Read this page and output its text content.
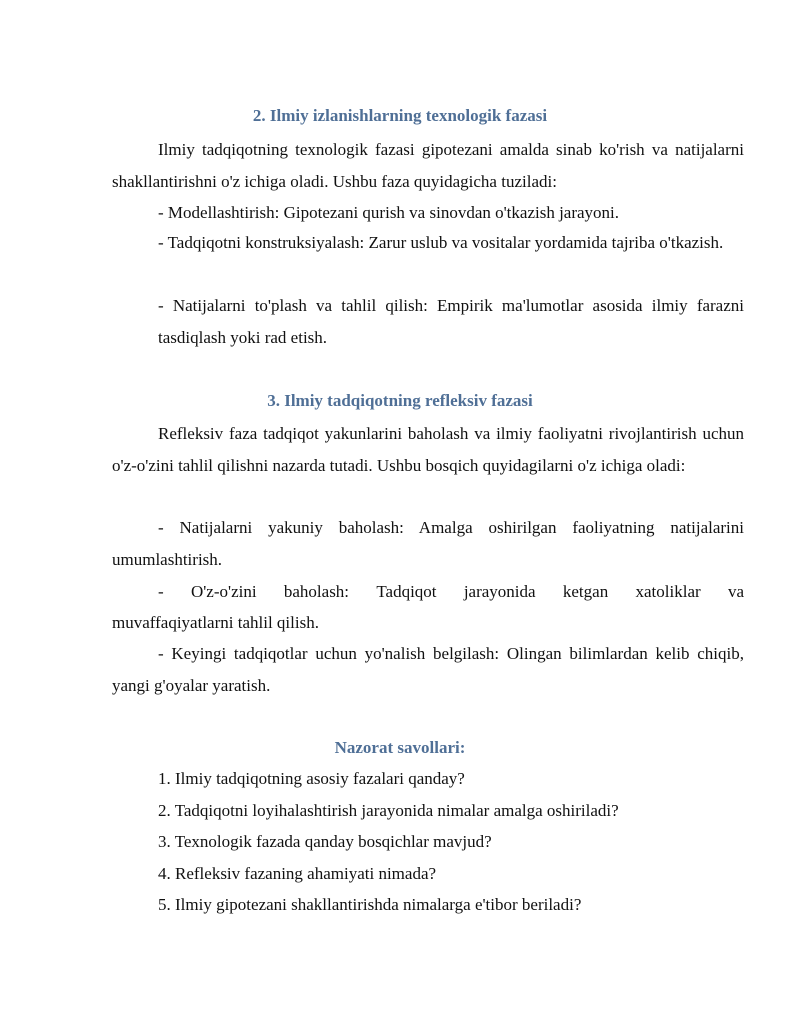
2. Ilmiy izlanishlarning texnologik fazasi

Ilmiy tadqiqotning texnologik fazasi gipotezani amalda sinab ko'rish va natijalarni shakllantirishni o'z ichiga oladi. Ushbu faza quyidagicha tuziladi:

- Modellashtirish: Gipotezani qurish va sinovdan o'tkazish jarayoni.

- Tadqiqotni konstruksiyalash: Zarur uslub va vositalar yordamida tajriba o'tkazish.

- Natijalarni to'plash va tahlil qilish: Empirik ma'lumotlar asosida ilmiy farazni tasdiqlash yoki rad etish.

3. Ilmiy tadqiqotning refleksiv fazasi

Refleksiv faza tadqiqot yakunlarini baholash va ilmiy faoliyatni rivojlantirish uchun o'z-o'zini tahlil qilishni nazarda tutadi. Ushbu bosqich quyidagilarni o'z ichiga oladi:

- Natijalarni yakuniy baholash: Amalga oshirilgan faoliyatning natijalarini umumlashtirish.

- O'z-o'zini baholash: Tadqiqot jarayonida ketgan xatoliklar va

muvaffaqiyatlarni tahlil qilish.

- Keyingi tadqiqotlar uchun yo'nalish belgilash: Olingan bilimlardan kelib chiqib, yangi g'oyalar yaratish.

Nazorat savollari:

1. Ilmiy tadqiqotning asosiy fazalari qanday?

2. Tadqiqotni loyihalashtirish jarayonida nimalar amalga oshiriladi?

3. Texnologik fazada qanday bosqichlar mavjud?

4. Refleksiv fazaning ahamiyati nimada?

5. Ilmiy gipotezani shakllantirishda nimalarga e'tibor beriladi?
